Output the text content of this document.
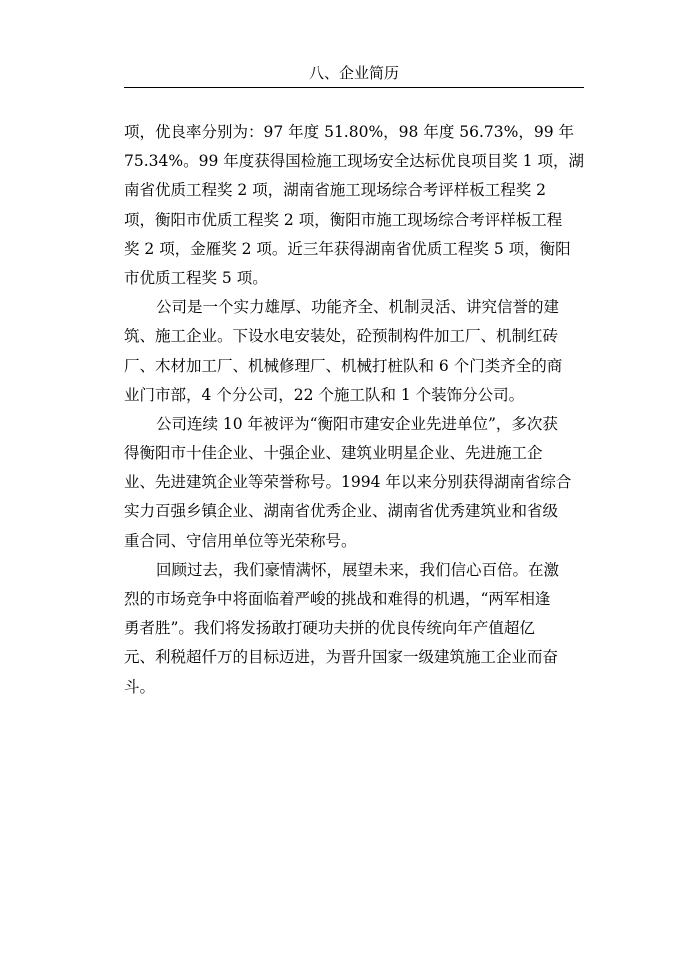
八、企业简历
项，优良率分别为：97 年度 51.80%，98 年度 56.73%，99 年
75.34%。99 年度获得国检施工现场安全达标优良项目奖 1 项，湖
南省优质工程奖 2 项，湖南省施工现场综合考评样板工程奖 2
项，衡阳市优质工程奖 2 项，衡阳市施工现场综合考评样板工程
奖 2 项，金雁奖 2 项。近三年获得湖南省优质工程奖 5 项，衡阳
市优质工程奖 5 项。
公司是一个实力雄厚、功能齐全、机制灵活、讲究信誉的建
筑、施工企业。下设水电安装处，砼预制构件加工厂、机制红砖
厂、木材加工厂、机械修理厂、机械打桩队和 6 个门类齐全的商
业门市部，4 个分公司，22 个施工队和 1 个装饰分公司。
公司连续 10 年被评为“衡阳市建安企业先进单位”，多次获
得衡阳市十佳企业、十强企业、建筑业明星企业、先进施工企
业、先进建筑企业等荣誉称号。1994 年以来分别获得湖南省综合
实力百强乡镇企业、湖南省优秀企业、湖南省优秀建筑业和省级
重合同、守信用单位等光荣称号。
回顾过去，我们豪情满怀，展望未来，我们信心百倍。在激
烈的市场竞争中将面临着严峻的挑战和难得的机遇，“两军相逢
勇者胜”。我们将发扬敢打硬功夫拼的优良传统向年产值超亿
元、利税超仟万的目标迈进，为晋升国家一级建筑施工企业而奋
斗。
